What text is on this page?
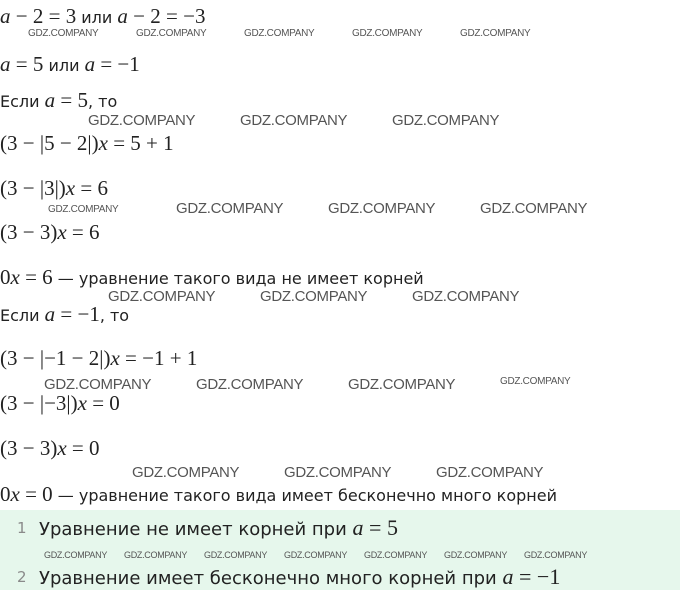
a − 2 = 3 или a − 2 = −3
a = 5 или a = −1
Если a = 5, то
(3 − |5 − 2|)x = 5 + 1
(3 − |3|)x = 6
(3 − 3)x = 6
0x = 6 — уравнение такого вида не имеет корней
Если a = −1, то
(3 − |−1 − 2|)x = −1 + 1
(3 − |−3|)x = 0
(3 − 3)x = 0
0x = 0 — уравнение такого вида имеет бесконечно много корней
1 Уравнение не имеет корней при a = 5
2 Уравнение имеет бесконечно много корней при a = −1
GDZ.COMPANY	GDZ.COMPANY	GDZ.COMPANY	GDZ.COMPANY	GDZ.COMPANY
GDZ.COMPANY	GDZ.COMPANY	GDZ.COMPANY
GDZ.COMPANY	GDZ.COMPANY	GDZ.COMPANY	GDZ.COMPANY
GDZ.COMPANY	GDZ.COMPANY	GDZ.COMPANY
GDZ.COMPANY	GDZ.COMPANY	GDZ.COMPANY	GDZ.COMPANY
GDZ.COMPANY	GDZ.COMPANY	GDZ.COMPANY
GDZ.COMPANY GDZ.COMPANY GDZ.COMPANY GDZ.COMPANY GDZ.COMPANY GDZ.COMPANY GDZ.COMPANY
